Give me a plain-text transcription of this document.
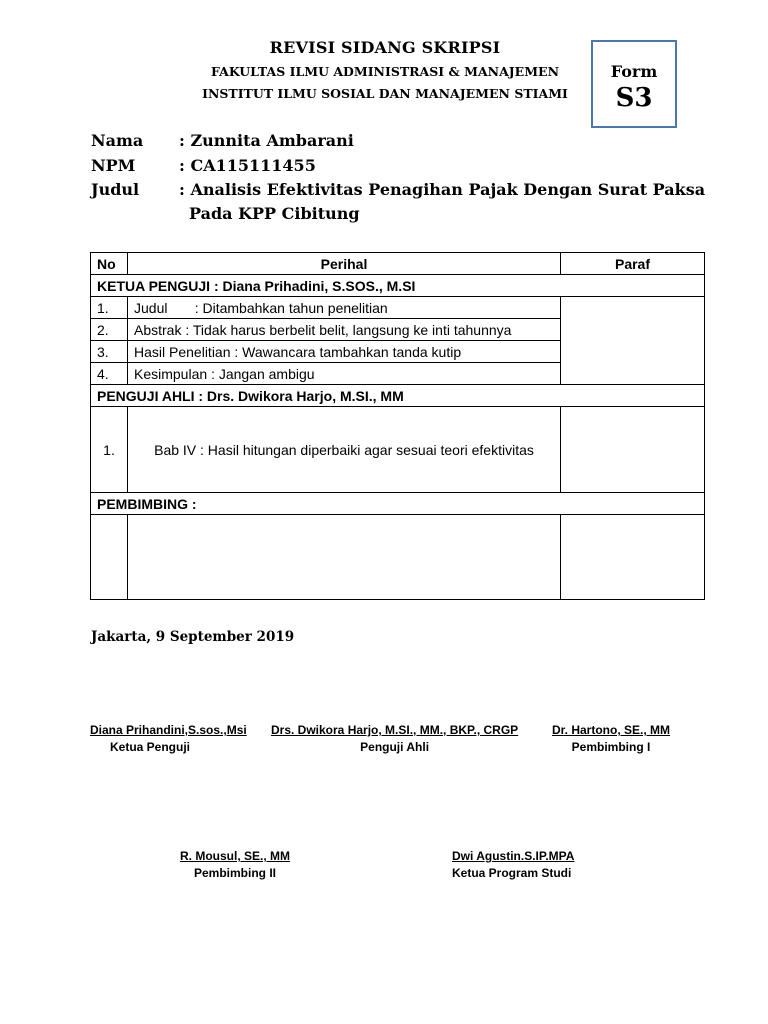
REVISI SIDANG SKRIPSI
FAKULTAS ILMU ADMINISTRASI & MANAJEMEN
INSTITUT ILMU SOSIAL DAN MANAJEMEN STIAMI
Form
S3
Nama : Zunnita Ambarani
NPM	: CA115111455
Judul : Analisis Efektivitas Penagihan Pajak Dengan Surat Paksa
Pada KPP Cibitung
No	Perihal	Paraf
KETUA PENGUJI : Diana Prihadini, S.SOS., M.SI		
1.	Judul       : Ditambahkan tahun penelitian	
2.	Abstrak : Tidak harus berbelit belit, langsung ke inti tahunnya	
3.	Hasil Penelitian : Wawancara tambahkan tanda kutip	
4.	Kesimpulan : Jangan ambigu	
PENGUJI AHLI : Drs. Dwikora Harjo, M.SI., MM		
1.	Bab IV : Hasil hitungan diperbaiki agar sesuai teori efektivitas	
PEMBIMBING :		

Jakarta, 9 September 2019
Diana Prihandini,S.sos.,Msi
Ketua Penguji
Drs. Dwikora Harjo, M.SI., MM., BKP., CRGP
Penguji Ahli
Dr. Hartono, SE., MM
Pembimbing I
R. Mousul, SE., MM
Pembimbing II
Dwi Agustin.S.IP.MPA
Ketua Program Studi
